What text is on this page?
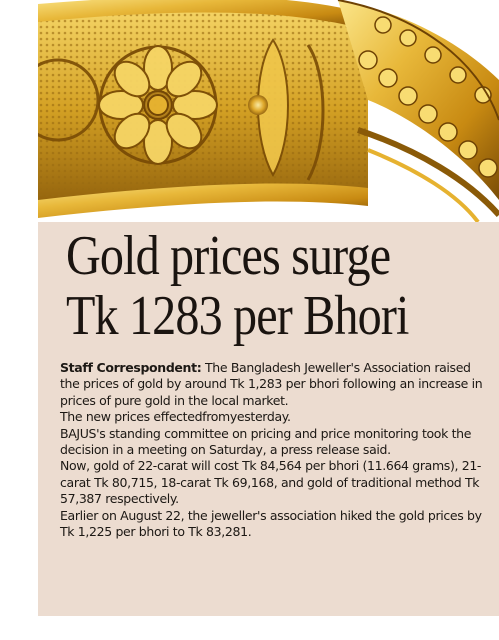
Gold prices surge
Tk 1283 per Bhori

Staff Correspondent: The Bangladesh Jeweller's Association raised the prices of gold by around Tk 1,283 per bhori following an increase in prices of pure gold in the local market.

The new prices effectedfromyesterday.

BAJUS's standing committee on pricing and price monitoring took the decision in a meeting on Saturday, a press release said.

Now, gold of 22-carat will cost Tk 84,564 per bhori (11.664 grams), 21-carat Tk 80,715, 18-carat Tk 69,168, and gold of traditional method Tk 57,387 respectively.

Earlier on August 22, the jeweller's association hiked the gold prices by Tk 1,225 per bhori to Tk 83,281.
